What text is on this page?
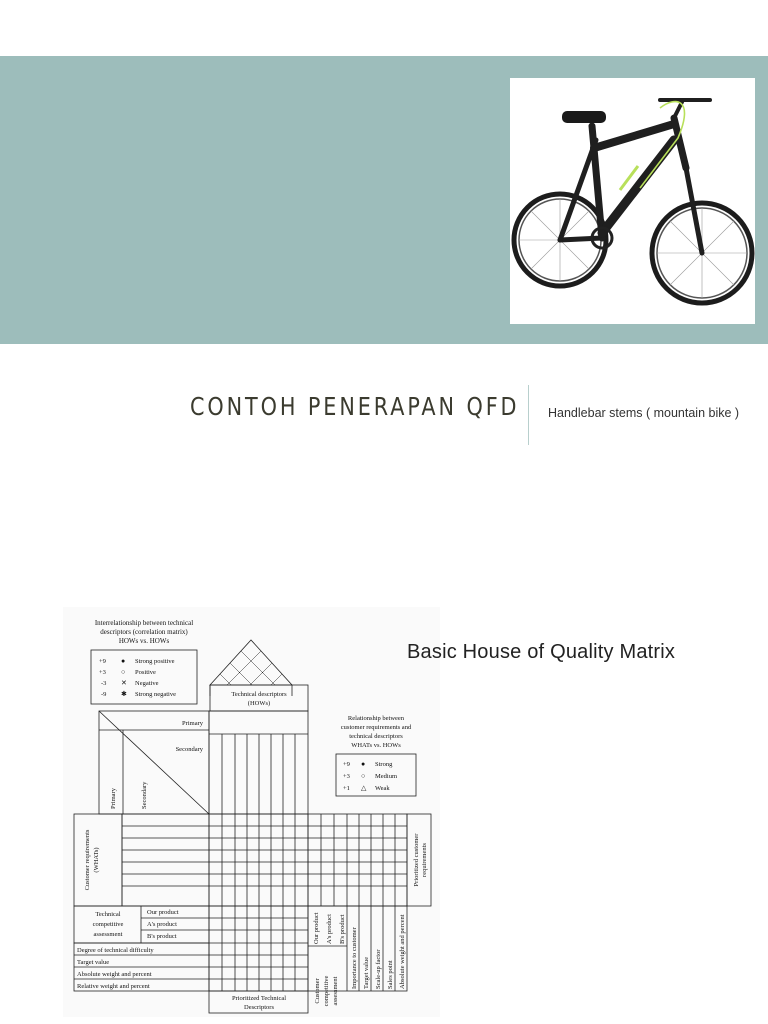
CONTOH PENERAPAN QFD Handlebar stems ( mountain bike )
Interrelationship between technical
descriptors (correlation matrix)
HOWs vs. HOWs
+9 ● Strong positive
+3 ○ Positive
-3 ✕ Negative
-9 ✱ Strong negative	Technical descriptors
(HOWs)
Primary
Secondary
Primary	Secondary
Relationship between
customer requirements and
technical descriptors
WHATs vs. HOWs
+9 ● Strong
+3 ○ Medium
+1 △ Weak
Customer requirements (WHATs)	Prioritized customer requirements
Technical
competitive
assessment
Our product
A's product
B's product
Degree of technical difficulty
Target value
Absolute weight and percent
Relative weight and percent
Prioritized Technical
Descriptors
Our product A's product B's product
Customer competitive assessment
Importance to customer Target value Scale-up factor Sales point Absolute weight and percent
Basic House of Quality Matrix
